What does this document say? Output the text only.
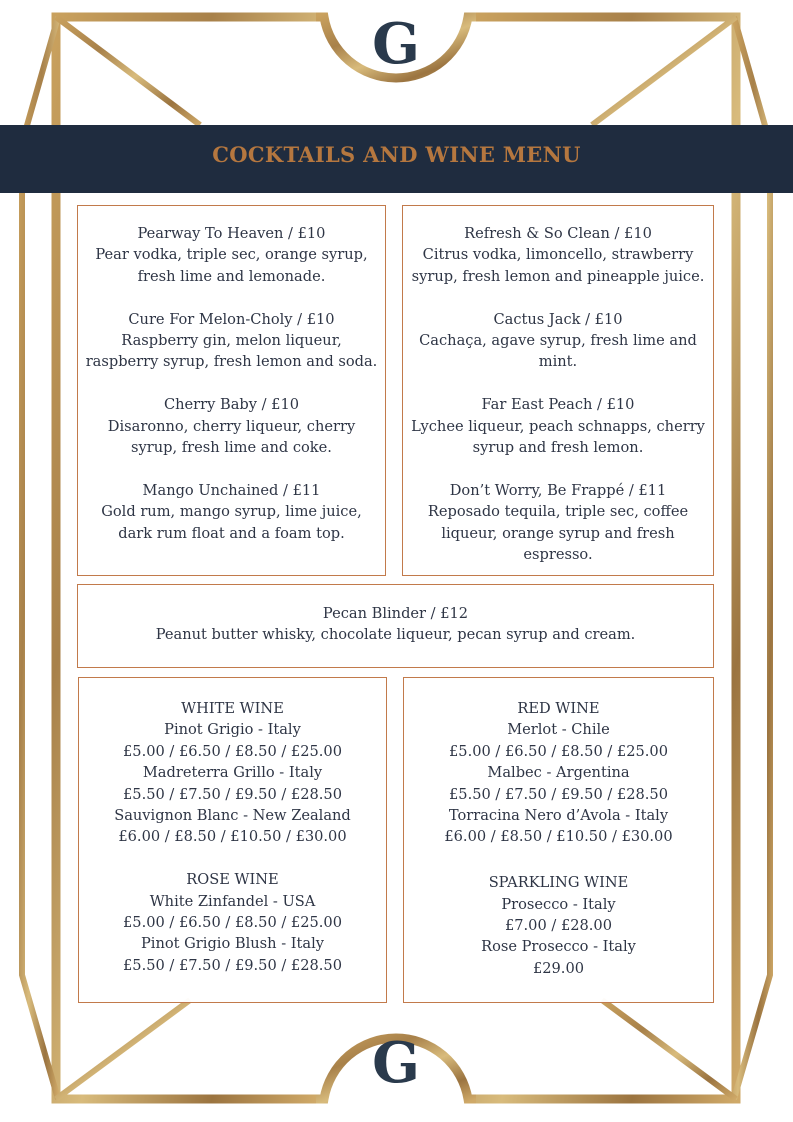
G
COCKTAILS AND WINE MENU

Pearway To Heaven / £10

Pear vodka, triple sec, orange syrup, fresh lime and lemonade.

Cure For Melon-Choly / £10

Raspberry gin, melon liqueur, raspberry syrup, fresh lemon and soda.

Cherry Baby / £10

Disaronno, cherry liqueur, cherry syrup, fresh lime and coke.

Mango Unchained / £11

Gold rum, mango syrup, lime juice, dark rum float and a foam top.

Refresh & So Clean / £10

Citrus vodka, limoncello, strawberry syrup, fresh lemon and pineapple juice.

Cactus Jack / £10

Cachaça, agave syrup, fresh lime and mint.

Far East Peach / £10

Lychee liqueur, peach schnapps, cherry syrup and fresh lemon.

Don’t Worry, Be Frappé / £11

Reposado tequila, triple sec, coffee liqueur, orange syrup and fresh espresso.

Pecan Blinder / £12

Peanut butter whisky, chocolate liqueur, pecan syrup and cream.

WHITE WINE

Pinot Grigio - Italy

£5.00 / £6.50 / £8.50 / £25.00

Madreterra Grillo - Italy

£5.50 / £7.50 / £9.50 / £28.50

Sauvignon Blanc - New Zealand

£6.00 / £8.50 / £10.50 / £30.00

ROSE WINE

White Zinfandel - USA

£5.00 / £6.50 / £8.50 / £25.00

Pinot Grigio Blush - Italy

£5.50 / £7.50 / £9.50 / £28.50

RED WINE

Merlot - Chile

£5.00 / £6.50 / £8.50 / £25.00

Malbec - Argentina

£5.50 / £7.50 / £9.50 / £28.50

Torracina Nero d’Avola - Italy

£6.00 / £8.50 / £10.50 / £30.00

SPARKLING WINE

Prosecco - Italy

£7.00 / £28.00

Rose Prosecco - Italy

£29.00

G
